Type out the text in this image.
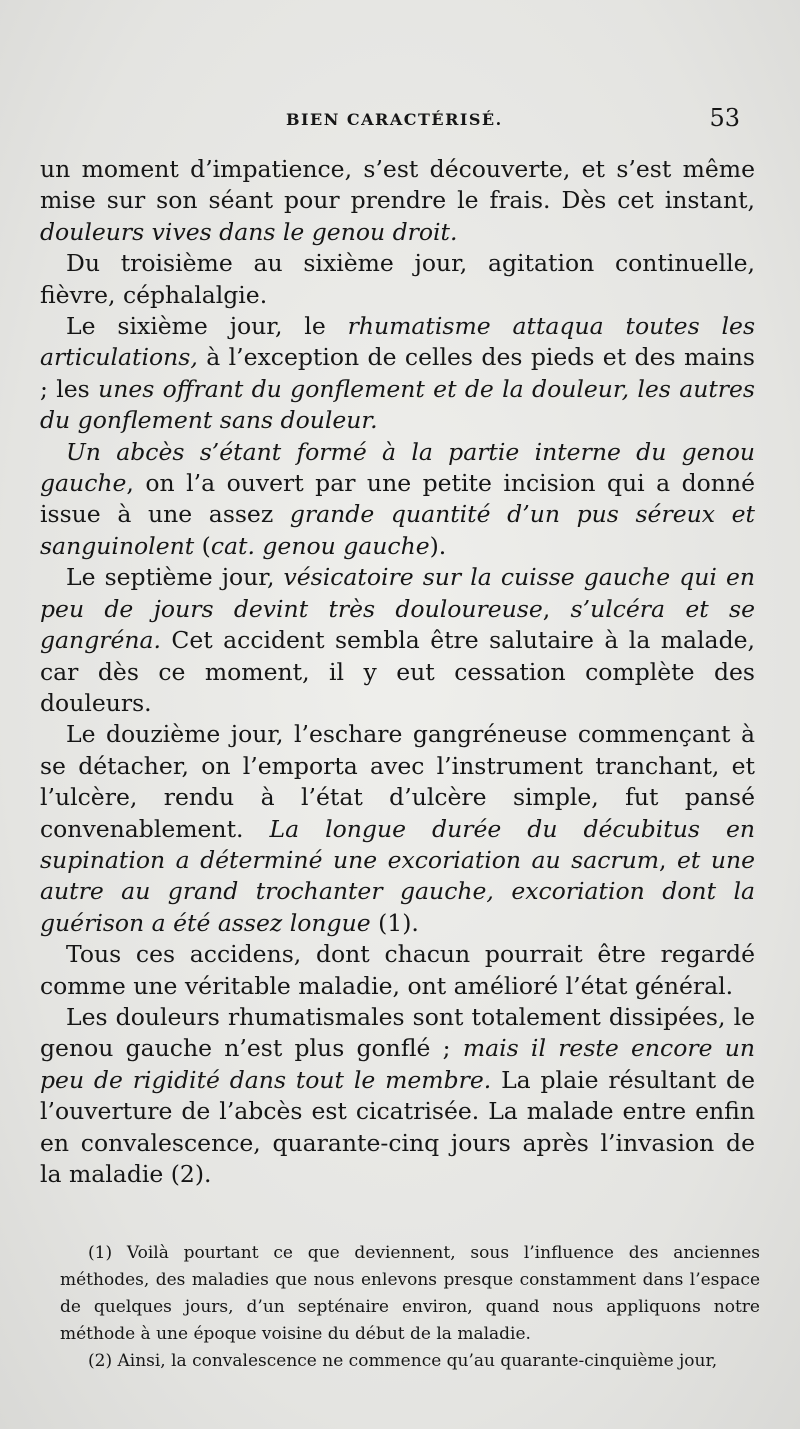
BIEN CARACTÉRISÉ.	53

un moment d’impatience, s’est découverte, et s’est même mise sur son séant pour prendre le frais. Dès cet instant, douleurs vives dans le genou droit.

Du troisième au sixième jour, agitation continuelle, fièvre, céphalalgie.

Le sixième jour, le rhumatisme attaqua toutes les articulations, à l’exception de celles des pieds et des mains ; les unes offrant du gonflement et de la douleur, les autres du gonflement sans douleur.

Un abcès s’étant formé à la partie interne du genou gauche, on l’a ouvert par une petite incision qui a donné issue à une assez grande quantité d’un pus séreux et sanguinolent (cat. genou gauche).

Le septième jour, vésicatoire sur la cuisse gauche qui en peu de jours devint très douloureuse, s’ulcéra et se gangréna. Cet accident sembla être salutaire à la malade, car dès ce moment, il y eut cessation complète des douleurs.

Le douzième jour, l’eschare gangréneuse commençant à se détacher, on l’emporta avec l’instrument tranchant, et l’ulcère, rendu à l’état d’ulcère simple, fut pansé convenablement. La longue durée du décubitus en supination a déterminé une excoriation au sacrum, et une autre au grand trochanter gauche, excoriation dont la guérison a été assez longue (1).

Tous ces accidens, dont chacun pourrait être regardé comme une véritable maladie, ont amélioré l’état général.

Les douleurs rhumatismales sont totalement dissipées, le genou gauche n’est plus gonflé ; mais il reste encore un peu de rigidité dans tout le membre. La plaie résultant de l’ouverture de l’abcès est cicatrisée. La malade entre enfin en convalescence, quarante-cinq jours après l’invasion de la maladie (2).

(1) Voilà pourtant ce que deviennent, sous l’influence des anciennes méthodes, des maladies que nous enlevons presque constamment dans l’espace de quelques jours, d’un septénaire environ, quand nous appliquons notre méthode à une époque voisine du début de la maladie.

(2) Ainsi, la convalescence ne commence qu’au quarante-cinquième jour,
